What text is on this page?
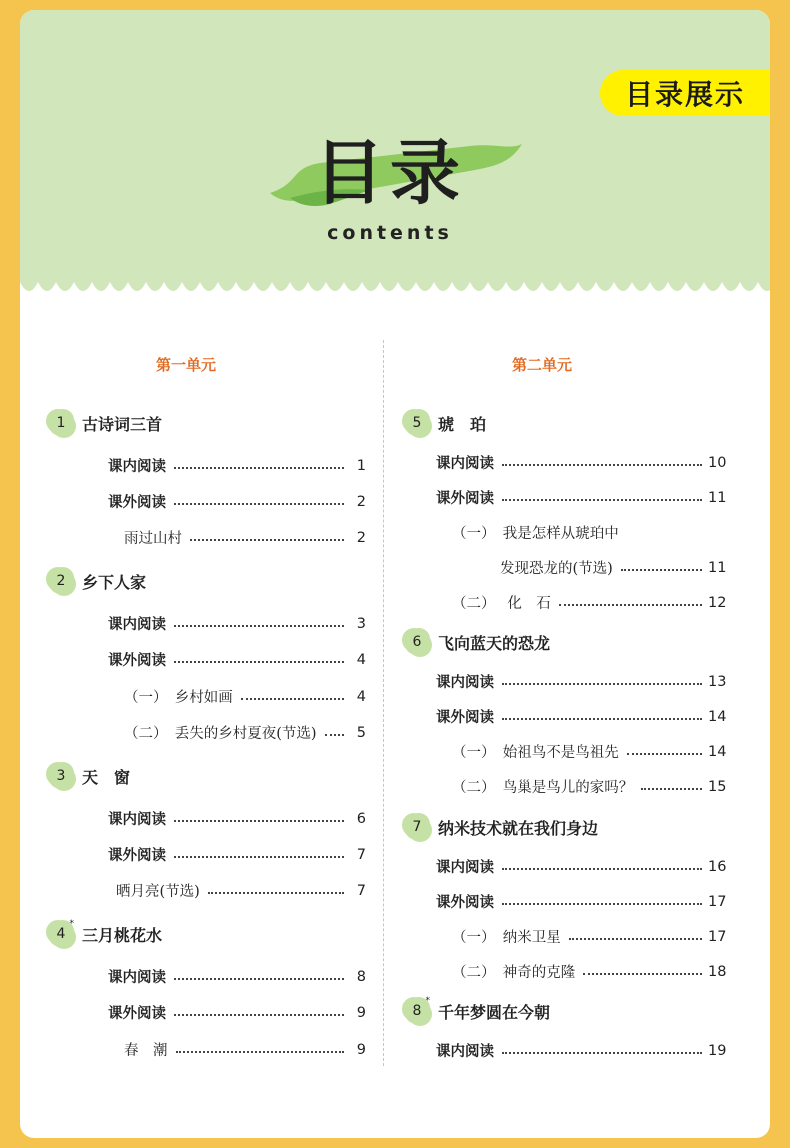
目录展示
目录
contents
第一单元
1 古诗词三首
课内阅读	1
课外阅读	2
雨过山村	2
2 乡下人家
课内阅读	3
课外阅读	4
（一）　乡村如画	4
（二）　丢失的乡村夏夜(节选)	5
3 天　窗
课内阅读	6
课外阅读	7
晒月亮(节选)	7
4
*
三月桃花水
课内阅读	8
课外阅读	9
春　潮	9
第二单元
5 琥　珀
课内阅读	10
课外阅读	11
（一）　我是怎样从琥珀中
发现恐龙的(节选)	11
（二）　 化　石	12
6 飞向蓝天的恐龙
课内阅读	13
课外阅读	14
（一）　始祖鸟不是鸟祖先	14
（二）　鸟巢是鸟儿的家吗？	15
7 纳米技术就在我们身边
课内阅读	16
课外阅读	17
（一）　纳米卫星	17
（二）　神奇的克隆	18
8
*
千年梦圆在今朝
课内阅读	19
